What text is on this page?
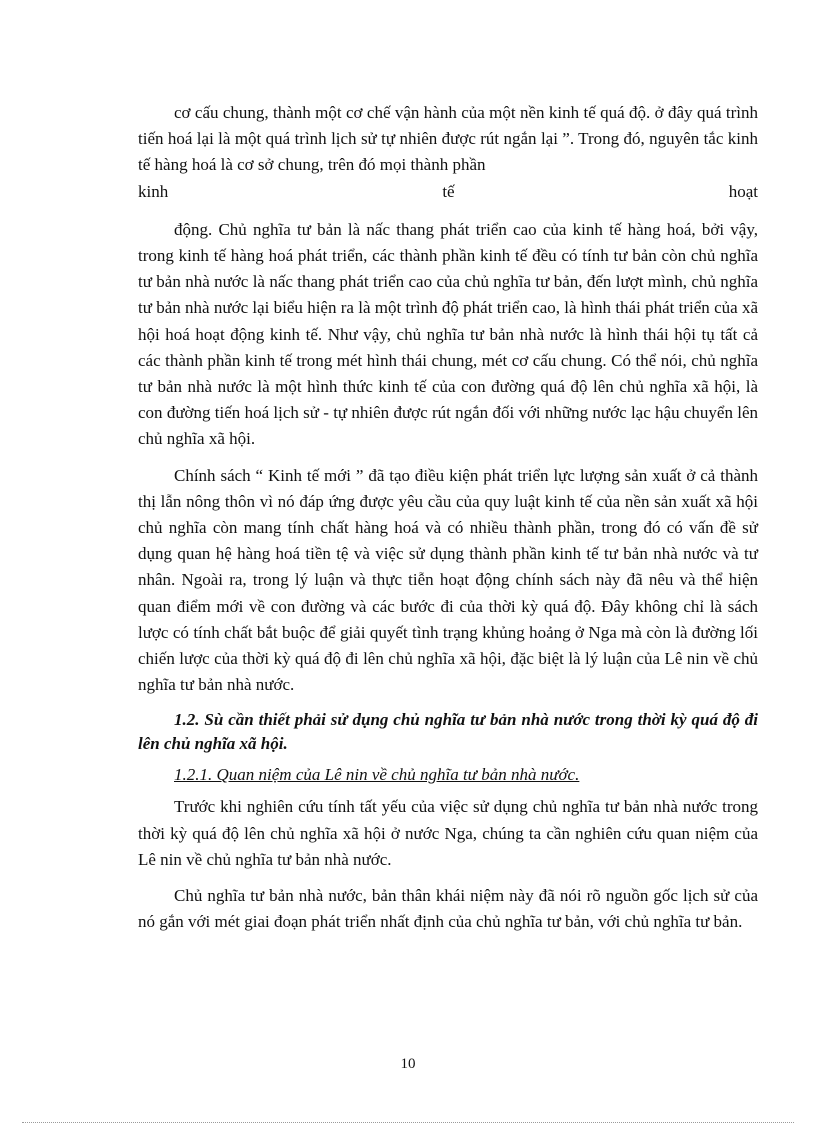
cơ cấu chung, thành một cơ chế vận hành của một nền kinh tế quá độ. ở đây quá trình tiến hoá lại là một quá trình lịch sử tự nhiên được rút ngắn lại ”. Trong đó, nguyên tắc kinh tế hàng hoá là cơ sở chung, trên đó mọi thành phần

kinh	tế	hoạt

động. Chủ nghĩa tư bản là nấc thang phát triển cao của kinh tế hàng hoá, bởi vậy, trong kinh tế hàng hoá phát triển, các thành phần kinh tế đều có tính tư bản còn chủ nghĩa tư bản nhà nước là nấc thang phát triển cao của chủ nghĩa tư bản, đến lượt mình, chủ nghĩa tư bản nhà nước lại biểu hiện ra là một trình độ phát triển cao, là hình thái phát triển của xã hội hoá hoạt động kinh tế. Như vậy, chủ nghĩa tư bản nhà nước là hình thái hội tụ tất cả các thành phần kinh tế trong mét hình thái chung, mét cơ cấu chung. Có thể nói, chủ nghĩa tư bản nhà nước là một hình thức kinh tế của con đường quá độ lên chủ nghĩa xã hội, là con đường tiến hoá lịch sử - tự nhiên được rút ngắn đối với những nước lạc hậu chuyển lên chủ nghĩa xã hội.

Chính sách “ Kinh tế mới ” đã tạo điều kiện phát triển lực lượng sản xuất ở cả thành thị lẫn nông thôn vì nó đáp ứng được yêu cầu của quy luật kinh tế của nền sản xuất xã hội chủ nghĩa còn mang tính chất hàng hoá và có nhiều thành phần, trong đó có vấn đề sử dụng quan hệ hàng hoá tiền tệ và việc sử dụng thành phần kinh tế tư bản nhà nước và tư nhân. Ngoài ra, trong lý luận và thực tiễn hoạt động chính sách này đã nêu và thể hiện quan điểm mới về con đường và các bước đi của thời kỳ quá độ. Đây không chỉ là sách lược có tính chất bắt buộc để giải quyết tình trạng khủng hoảng ở Nga mà còn là đường lối chiến lược của thời kỳ quá độ đi lên chủ nghĩa xã hội, đặc biệt là lý luận của Lê nin về chủ nghĩa tư bản nhà nước.

1.2. Sù cần thiết phải sử dụng chủ nghĩa tư bản nhà nước trong thời kỳ quá độ đi lên chủ nghĩa xã hội.

1.2.1. Quan niệm của Lê nin về chủ nghĩa tư bản nhà nước.

Trước khi nghiên cứu tính tất yếu của việc sử dụng chủ nghĩa tư bản nhà nước trong thời kỳ quá độ lên chủ nghĩa xã hội ở nước Nga, chúng ta cần nghiên cứu quan niệm của Lê nin về chủ nghĩa tư bản nhà nước.

Chủ nghĩa tư bản nhà nước, bản thân khái niệm này đã nói rõ nguồn gốc lịch sử của nó gắn với mét giai đoạn phát triển nhất định của chủ nghĩa tư bản, với chủ nghĩa tư bản.

10
